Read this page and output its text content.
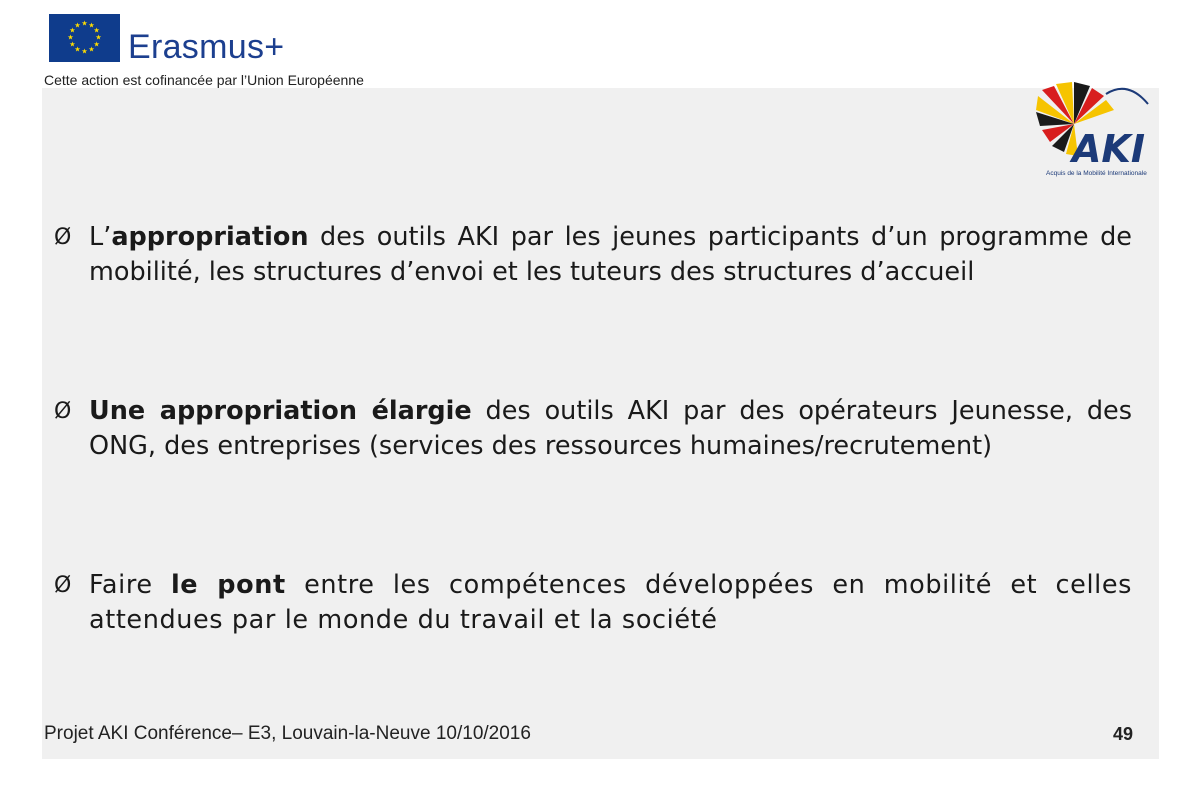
★ ★
★
★
★
★
★
★
★
★
★
★
Erasmus+
Cette action est cofinancée par l’Union Européenne
AKI
Acquis de la Mobilité Internationale
Ø L’appropriation des outils AKI par les jeunes participants d’un programme de mobilité, les structures d’envoi et les tuteurs des structures d’accueil
Ø Une appropriation élargie des outils AKI par des opérateurs Jeunesse, des ONG, des entreprises (services des ressources humaines/recrutement)
Ø Faire le pont entre les compétences développées en mobilité et celles attendues par le monde du travail et la société
Projet AKI Conférence– E3, Louvain-la-Neuve 10/10/2016	49
